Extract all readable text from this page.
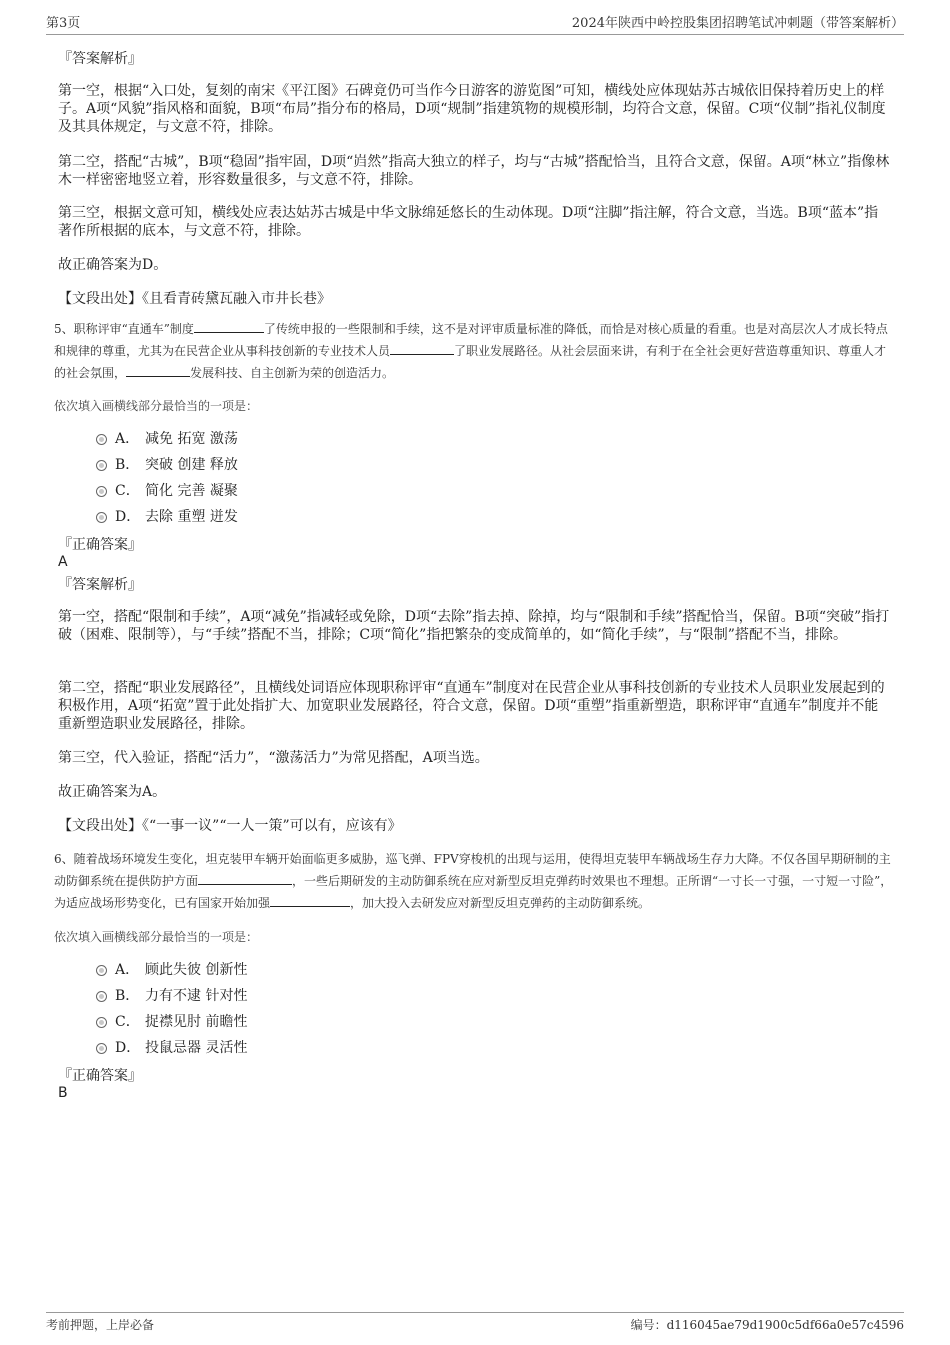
第3页	2024年陕西中岭控股集团招聘笔试冲刺题（带答案解析）
『答案解析』
第一空，根据“入口处，复刻的南宋《平江图》石碑竟仍可当作今日游客的游览图”可知，横线处应体现姑苏古城依旧保持着历史上的样子。A项“风貌”指风格和面貌，B项“布局”指分布的格局，D项“规制”指建筑物的规模形制，均符合文意，保留。C项“仪制”指礼仪制度及其具体规定，与文意不符，排除。
第二空，搭配“古城”，B项“稳固”指牢固，D项“岿然”指高大独立的样子，均与“古城”搭配恰当，且符合文意，保留。A项“林立”指像林木一样密密地竖立着，形容数量很多，与文意不符，排除。
第三空，根据文意可知，横线处应表达姑苏古城是中华文脉绵延悠长的生动体现。D项“注脚”指注解，符合文意，当选。B项“蓝本”指著作所根据的底本，与文意不符，排除。
故正确答案为D。
【文段出处】《且看青砖黛瓦融入市井长巷》
5、职称评审“直通车”制度	了传统申报的一些限制和手续，这不是对评审质量标准的降低，而恰是对核心质量的看重。也是对高层次人才成长特点和规律的尊重，尤其为在民营企业从事科技创新的专业技术人员	了职业发展路径。从社会层面来讲，有利于在全社会更好营造尊重知识、尊重人才的社会氛围，	发展科技、自主创新为荣的创造活力。
依次填入画横线部分最恰当的一项是：
A． 减免 拓宽 激荡
B． 突破 创建 释放
C． 简化 完善 凝聚
D． 去除 重塑 迸发
『正确答案』
A
『答案解析』
第一空，搭配“限制和手续”，A项“减免”指减轻或免除，D项“去除”指去掉、除掉，均与“限制和手续”搭配恰当，保留。B项“突破”指打破（困难、限制等），与“手续”搭配不当，排除；C项“简化”指把繁杂的变成简单的，如“简化手续”，与“限制”搭配不当，排除。
第二空，搭配“职业发展路径”，且横线处词语应体现职称评审“直通车”制度对在民营企业从事科技创新的专业技术人员职业发展起到的积极作用，A项“拓宽”置于此处指扩大、加宽职业发展路径，符合文意，保留。D项“重塑”指重新塑造，职称评审“直通车”制度并不能重新塑造职业发展路径，排除。
第三空，代入验证，搭配“活力”，“激荡活力”为常见搭配，A项当选。
故正确答案为A。
【文段出处】《“一事一议”“一人一策”可以有，应该有》
6、随着战场环境发生变化，坦克装甲车辆开始面临更多威胁，巡飞弹、FPV穿梭机的出现与运用，使得坦克装甲车辆战场生存力大降。不仅各国早期研制的主动防御系统在提供防护方面	，一些后期研发的主动防御系统在应对新型反坦克弹药时效果也不理想。正所谓“一寸长一寸强，一寸短一寸险”，为适应战场形势变化，已有国家开始加强	，加大投入去研发应对新型反坦克弹药的主动防御系统。
依次填入画横线部分最恰当的一项是：
A． 顾此失彼 创新性
B． 力有不逮 针对性
C． 捉襟见肘 前瞻性
D． 投鼠忌器 灵活性
『正确答案』
B
考前押题，上岸必备	编号：d116045ae79d1900c5df66a0e57c4596
